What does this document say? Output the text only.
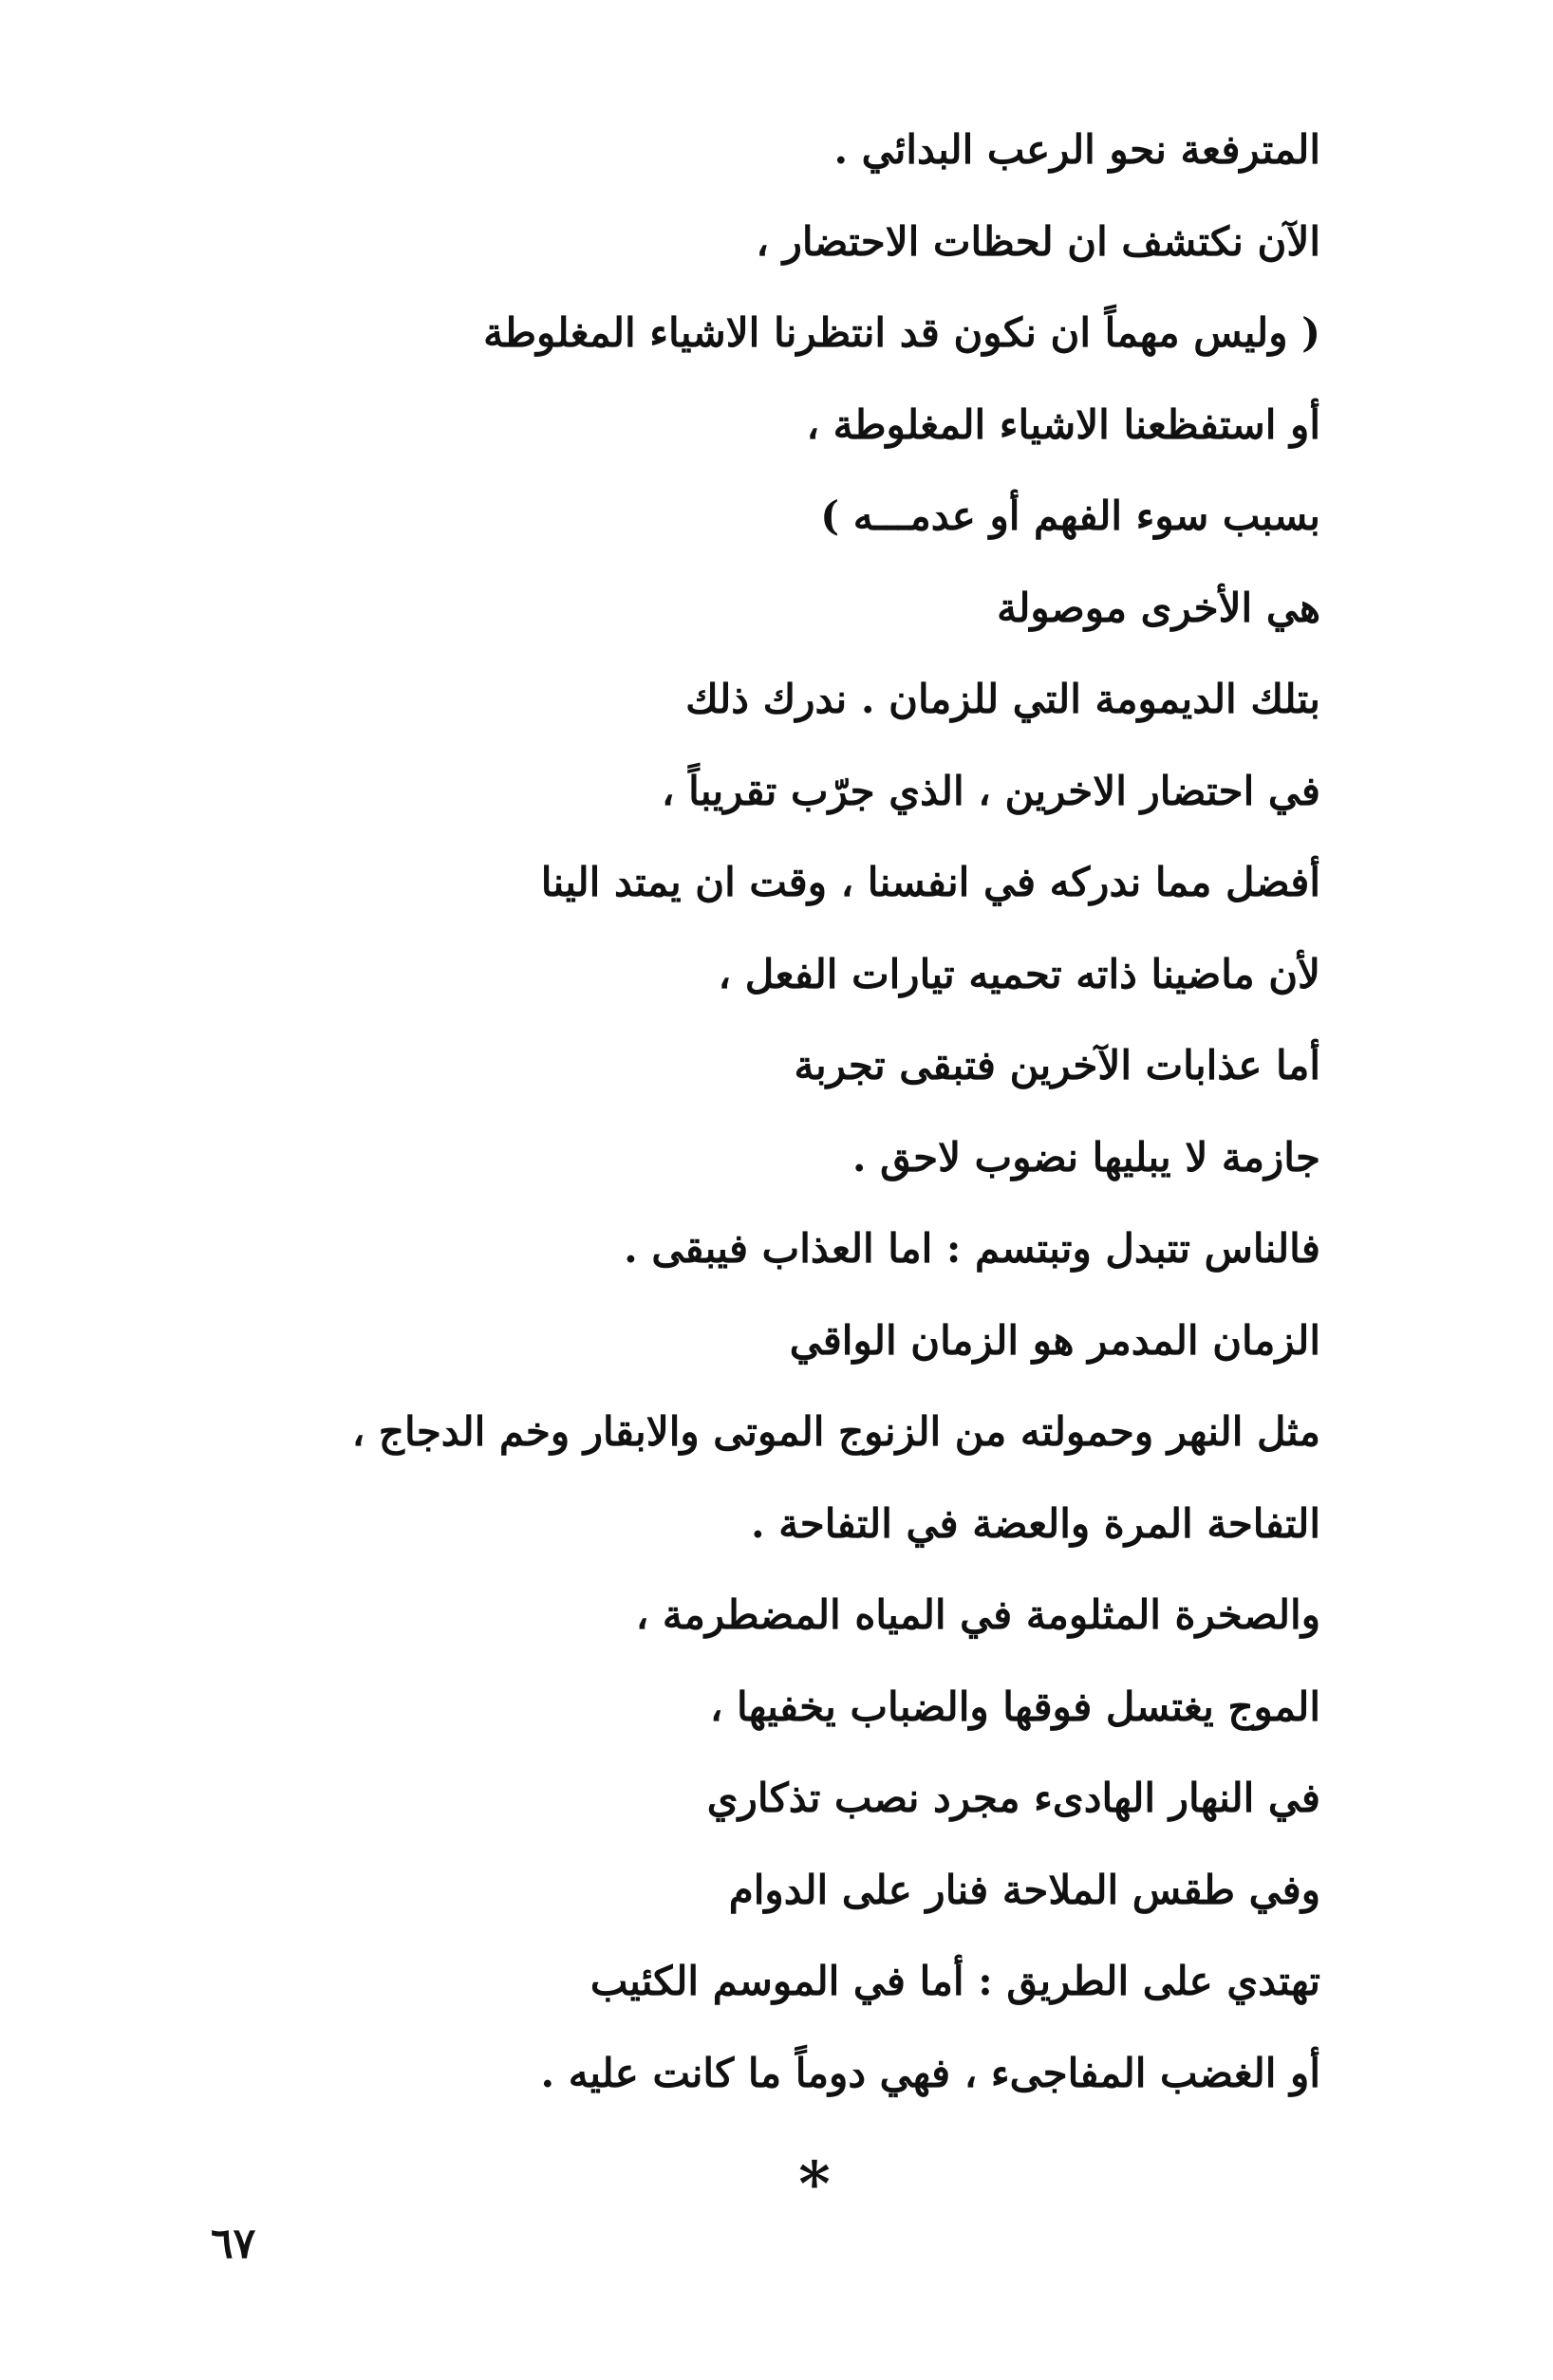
المترفعة نحو الرعب البدائي .
الآن نكتشف ان لحظات الاحتضار ،
( وليس مهماً ان نكون قد انتظرنا الاشياء المغلوطة
أو استفظعنا الاشياء المغلوطة ،
بسبب سوء الفهم أو عدمـــه )
هي الأخرى موصولة
بتلك الديمومة التي للزمان . ندرك ذلك
في احتضار الاخرين ، الذي جرّب تقريباً ،
أفضل مما ندركه في انفسنا ، وقت ان يمتد الينا
لأن ماضينا ذاته تحميه تيارات الفعل ،
أما عذابات الآخرين فتبقى تجربة
جازمة لا يبليها نضوب لاحق .
فالناس تتبدل وتبتسم : اما العذاب فيبقى .
الزمان المدمر هو الزمان الواقي
مثل النهر وحمولته من الزنوج الموتى والابقار وخم الدجاج ،
التفاحة المرة والعضة في التفاحة .
والصخرة المثلومة في المياه المضطرمة ،
الموج يغتسل فوقها والضباب يخفيها ،
في النهار الهادىء مجرد نصب تذكاري
وفي طقس الملاحة فنار على الدوام
تهتدي على الطريق : أما في الموسم الكئيب
أو الغضب المفاجىء ، فهي دوماً ما كانت عليه .
*
٦٧
